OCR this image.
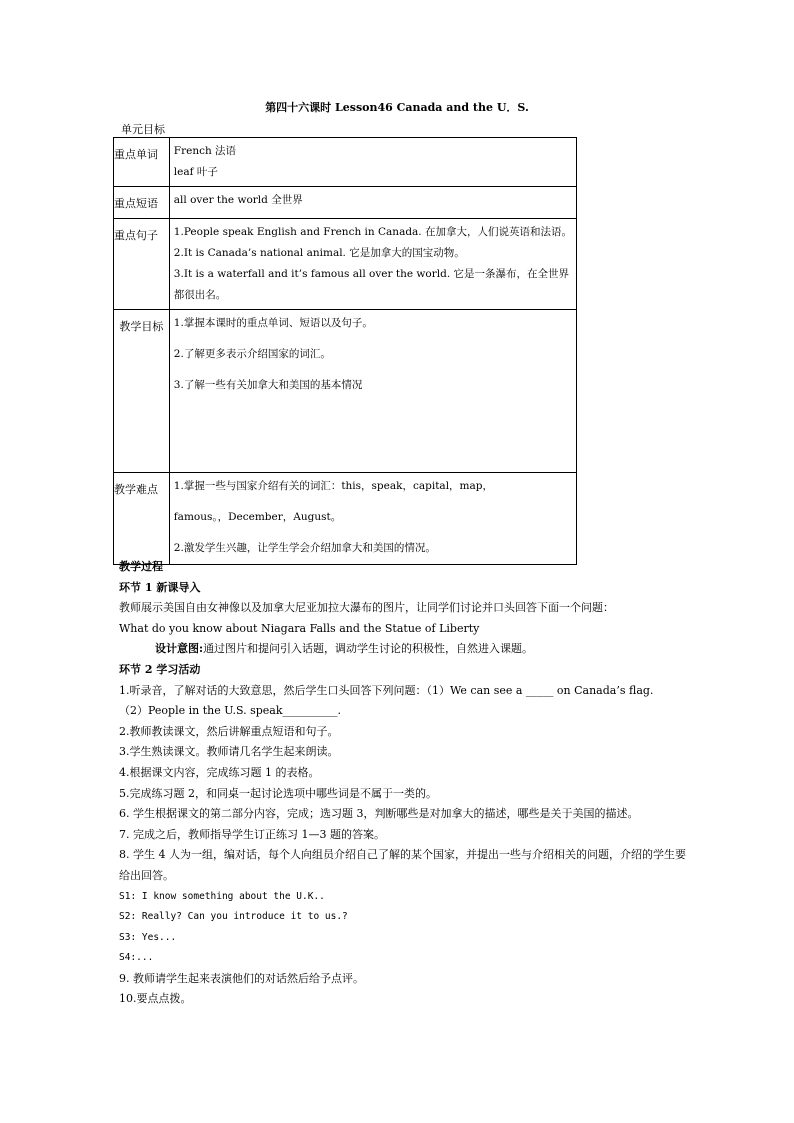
第四十六课时 Lesson46 Canada and the U．S.
单元目标
重点单词	French 法语
leaf 叶子

重点短语	all over the world 全世界

重点句子	1.People speak English and French in Canada. 在加拿大，人们说英语和法语。
2.It is Canada’s national animal. 它是加拿大的国宝动物。
3.It is a waterfall and it’s famous all over the world. 它是一条瀑布，在全世界都很出名。

教学目标	1.掌握本课时的重点单词、短语以及句子。
2.了解更多表示介绍国家的词汇。
3.了解一些有关加拿大和美国的基本情况

教学难点	1.掌握一些与国家介绍有关的词汇：this，speak，capital，map，
famous。，December，August。
2.激发学生兴趣，让学生学会介绍加拿大和美国的情况。
教学过程
环节 1 新课导入
教师展示美国自由女神像以及加拿大尼亚加拉大瀑布的图片，让同学们讨论并口头回答下面一个问题：
What do you know about Niagara Falls and the Statue of Liberty
设计意图:通过图片和提问引入话题，调动学生讨论的积极性，自然进入课题。
环节 2 学习活动
1.听录音，了解对话的大致意思，然后学生口头回答下列问题：（1）We can see a _____ on Canada’s flag.
（2）People in the U.S. speak__________.
2.教师教读课文，然后讲解重点短语和句子。
3.学生熟读课文。教师请几名学生起来朗读。
4.根据课文内容，完成练习题 1 的表格。
5.完成练习题 2，和同桌一起讨论选项中哪些词是不属于一类的。
6. 学生根据课文的第二部分内容，完成；选习题 3，判断哪些是对加拿大的描述，哪些是关于美国的描述。
7. 完成之后，教师指导学生订正练习 1—3 题的答案。
8. 学生 4 人为一组，编对话，每个人向组员介绍自己了解的某个国家，并提出一些与介绍相关的问题，介绍的学生要给出回答。
S1: I know something about the U.K..
S2: Really? Can you introduce it to us.?
S3: Yes...
S4:...
9. 教师请学生起来表演他们的对话然后给予点评。
10.要点点拨。
